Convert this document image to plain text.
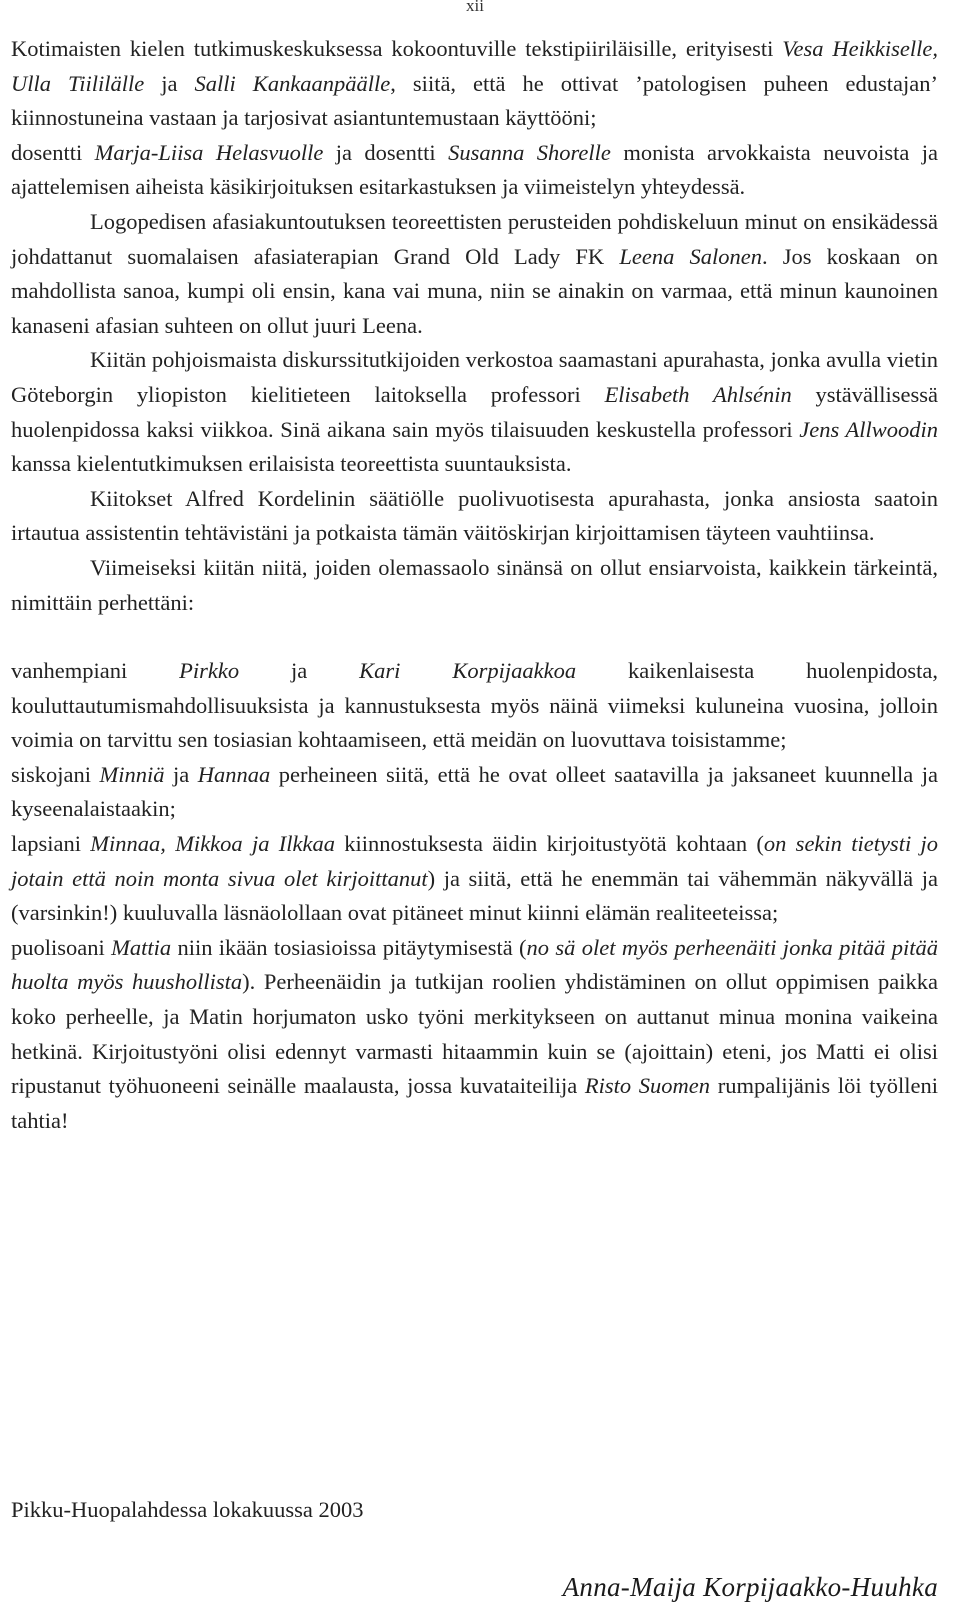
xii

Kotimaisten kielen tutkimuskeskuksessa kokoontuville tekstipiiriläisille, erityisesti Vesa Heikkiselle, Ulla Tiililälle ja Salli Kankaanpäälle, siitä, että he ottivat ’patologisen puheen edustajan’ kiinnostuneina vastaan ja tarjosivat asiantuntemustaan käyttööni;

dosentti Marja-Liisa Helasvuolle ja dosentti Susanna Shorelle monista arvokkaista neuvoista ja ajattelemisen aiheista käsikirjoituksen esitarkastuksen ja viimeistelyn yhteydessä.

Logopedisen afasiakuntoutuksen teoreettisten perusteiden pohdiskeluun minut on ensikädessä johdattanut suomalaisen afasiaterapian Grand Old Lady FK Leena Salonen. Jos koskaan on mahdollista sanoa, kumpi oli ensin, kana vai muna, niin se ainakin on varmaa, että minun kaunoinen kanaseni afasian suhteen on ollut juuri Leena.

Kiitän pohjoismaista diskurssitutkijoiden verkostoa saamastani apurahasta, jonka avulla vietin Göteborgin yliopiston kielitieteen laitoksella professori Elisabeth Ahlsénin ystävällisessä huolenpidossa kaksi viikkoa. Sinä aikana sain myös tilaisuuden keskustella professori Jens Allwoodin kanssa kielentutkimuksen erilaisista teoreettista suuntauksista.

Kiitokset Alfred Kordelinin säätiölle puolivuotisesta apurahasta, jonka ansiosta saatoin irtautua assistentin tehtävistäni ja potkaista tämän väitöskirjan kirjoittamisen täyteen vauhtiinsa.

Viimeiseksi kiitän niitä, joiden olemassaolo sinänsä on ollut ensiarvoista, kaikkein tärkeintä, nimittäin perhettäni:

vanhempiani Pirkko ja Kari Korpijaakkoa kaikenlaisesta huolenpidosta, kouluttautumismahdollisuuksista ja kannustuksesta myös näinä viimeksi kuluneina vuosina, jolloin voimia on tarvittu sen tosiasian kohtaamiseen, että meidän on luovuttava toisistamme;

siskojani Minniä ja Hannaa perheineen siitä, että he ovat olleet saatavilla ja jaksaneet kuunnella ja kyseenalaistaakin;

lapsiani Minnaa, Mikkoa ja Ilkkaa kiinnostuksesta äidin kirjoitustyötä kohtaan (on sekin tietysti jo jotain että noin monta sivua olet kirjoittanut) ja siitä, että he enemmän tai vähemmän näkyvällä ja (varsinkin!) kuuluvalla läsnäolollaan ovat pitäneet minut kiinni elämän realiteeteissa;

puolisoani Mattia niin ikään tosiasioissa pitäytymisestä (no sä olet myös perheenäiti jonka pitää pitää huolta myös huushollista). Perheenäidin ja tutkijan roolien yhdistäminen on ollut oppimisen paikka koko perheelle, ja Matin horjumaton usko työni merkitykseen on auttanut minua monina vaikeina hetkinä. Kirjoitustyöni olisi edennyt varmasti hitaammin kuin se (ajoittain) eteni, jos Matti ei olisi ripustanut työhuoneeni seinälle maalausta, jossa kuvataiteilija Risto Suomen rumpalijänis löi työlleni tahtia!

Pikku-Huopalahdessa lokakuussa 2003
Anna-Maija Korpijaakko-Huuhka
